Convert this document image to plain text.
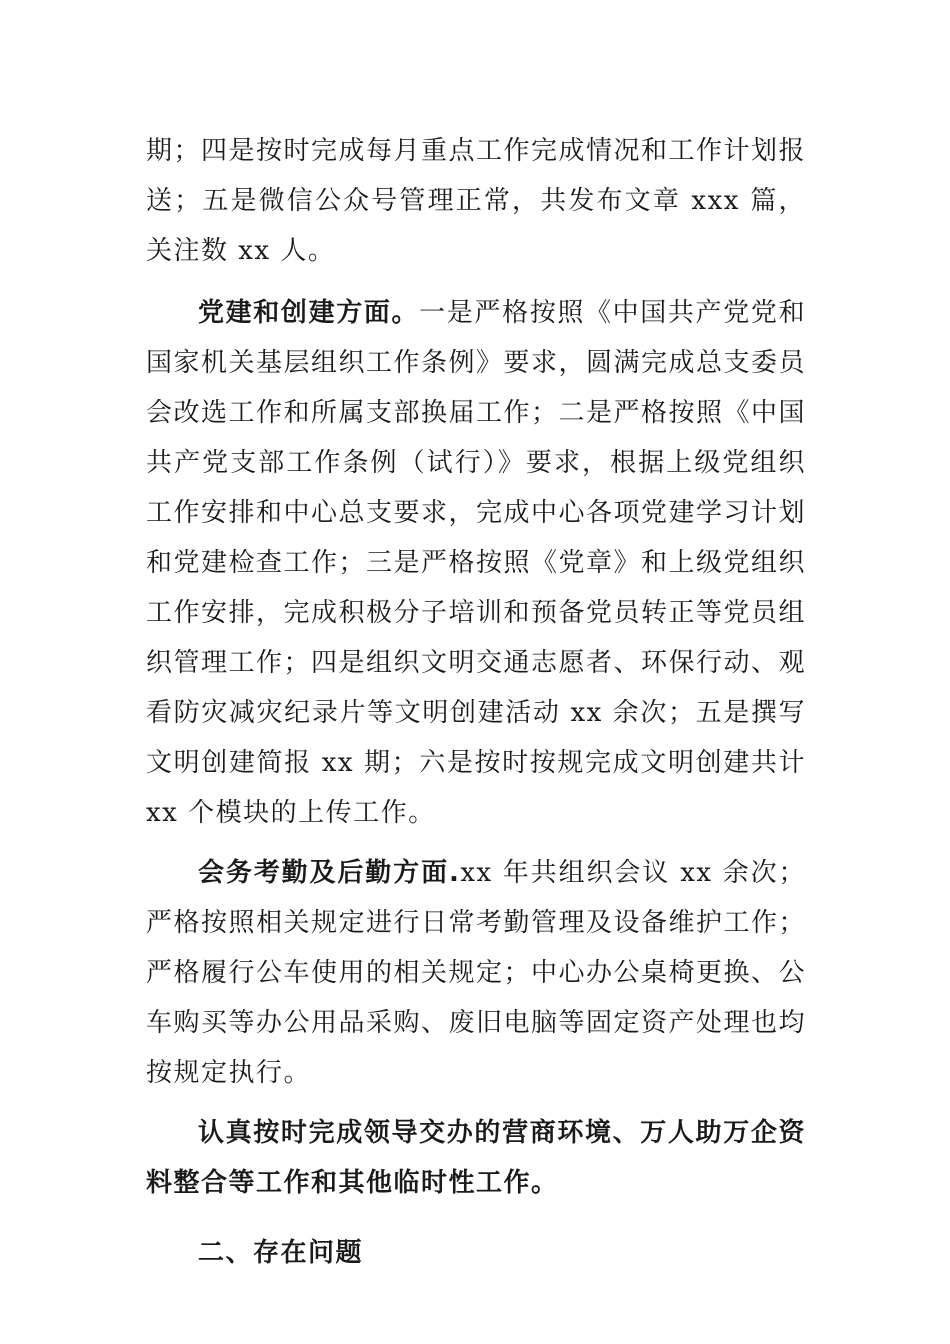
期；四是按时完成每月重点工作完成情况和工作计划报送；五是微信公众号管理正常，共发布文章 xxx 篇，关注数 xx 人。

党建和创建方面。一是严格按照《中国共产党党和国家机关基层组织工作条例》要求，圆满完成总支委员会改选工作和所属支部换届工作；二是严格按照《中国共产党支部工作条例（试行）》要求，根据上级党组织工作安排和中心总支要求，完成中心各项党建学习计划和党建检查工作；三是严格按照《党章》和上级党组织工作安排，完成积极分子培训和预备党员转正等党员组织管理工作；四是组织文明交通志愿者、环保行动、观看防灾减灾纪录片等文明创建活动 xx 余次；五是撰写文明创建简报 xx 期；六是按时按规完成文明创建共计 xx 个模块的上传工作。

会务考勤及后勤方面.xx 年共组织会议 xx 余次；严格按照相关规定进行日常考勤管理及设备维护工作；严格履行公车使用的相关规定；中心办公桌椅更换、公车购买等办公用品采购、废旧电脑等固定资产处理也均按规定执行。

认真按时完成领导交办的营商环境、万人助万企资料整合等工作和其他临时性工作。

二、存在问题
